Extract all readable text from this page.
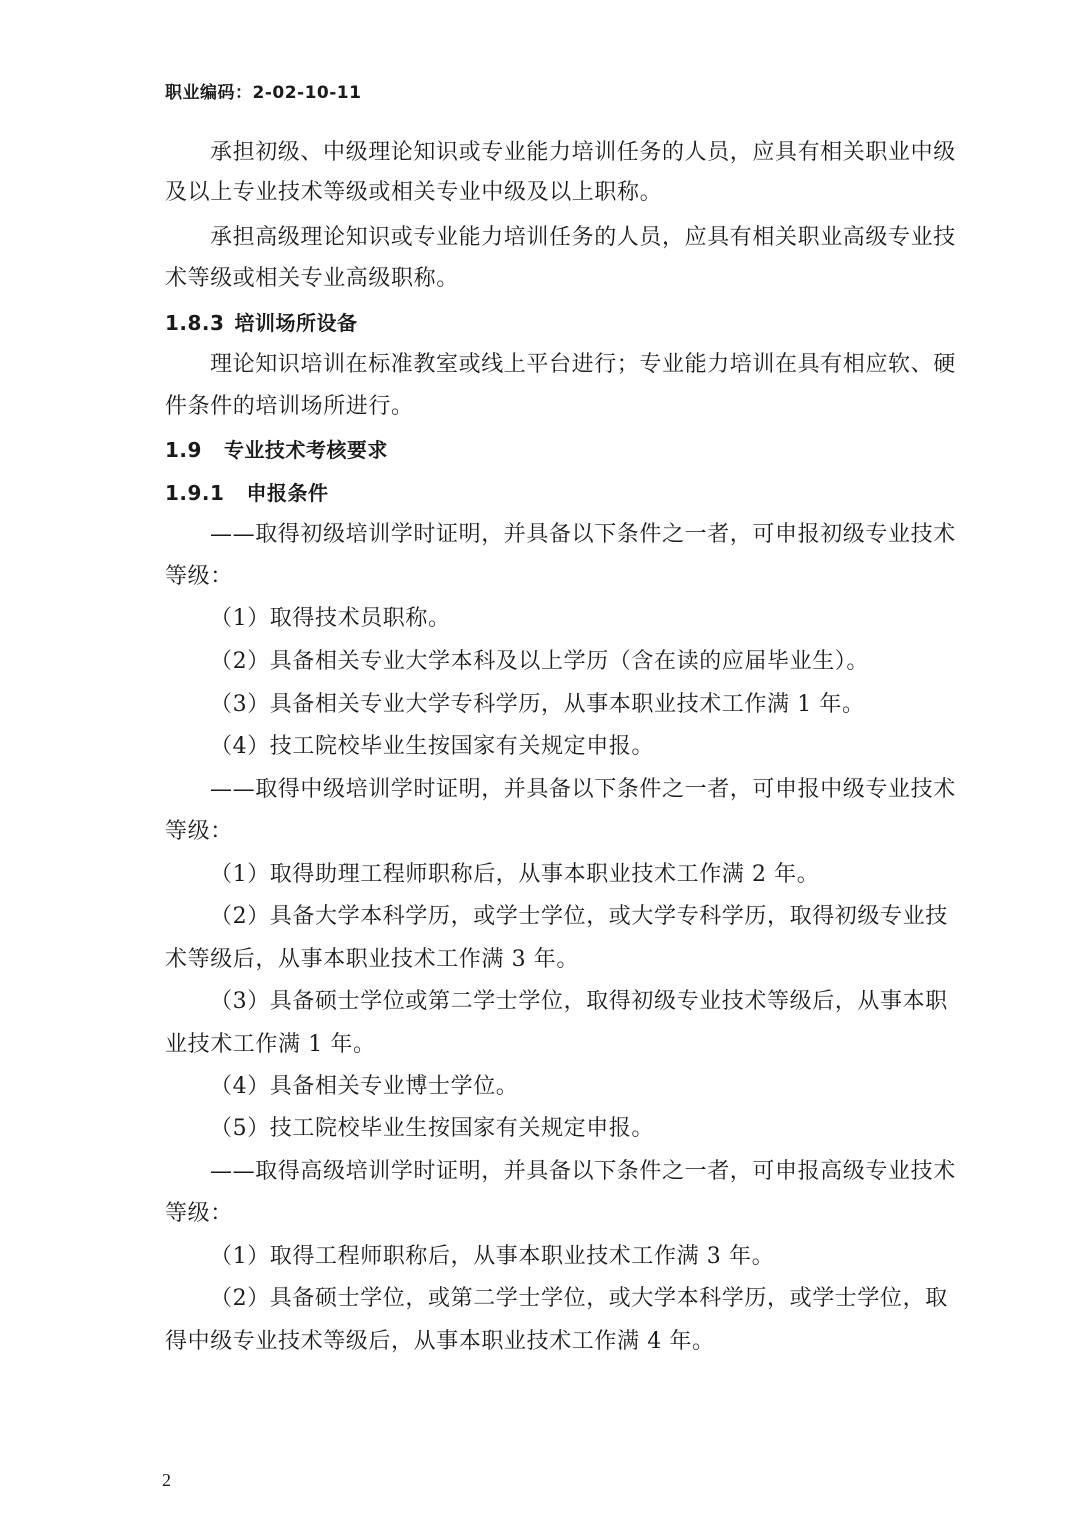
职业编码：2-02-10-11
承担初级、中级理论知识或专业能力培训任务的人员，应具有相关职业中级
及以上专业技术等级或相关专业中级及以上职称。
承担高级理论知识或专业能力培训任务的人员，应具有相关职业高级专业技
术等级或相关专业高级职称。
1.8.3 培训场所设备
理论知识培训在标准教室或线上平台进行；专业能力培训在具有相应软、硬
件条件的培训场所进行。
1.9 专业技术考核要求
1.9.1 申报条件
——取得初级培训学时证明，并具备以下条件之一者，可申报初级专业技术
等级：
（1）取得技术员职称。
（2）具备相关专业大学本科及以上学历（含在读的应届毕业生）。
（3）具备相关专业大学专科学历，从事本职业技术工作满 1 年。
（4）技工院校毕业生按国家有关规定申报。
——取得中级培训学时证明，并具备以下条件之一者，可申报中级专业技术
等级：
（1）取得助理工程师职称后，从事本职业技术工作满 2 年。
（2）具备大学本科学历，或学士学位，或大学专科学历，取得初级专业技
术等级后，从事本职业技术工作满 3 年。
（3）具备硕士学位或第二学士学位，取得初级专业技术等级后，从事本职
业技术工作满 1 年。
（4）具备相关专业博士学位。
（5）技工院校毕业生按国家有关规定申报。
——取得高级培训学时证明，并具备以下条件之一者，可申报高级专业技术
等级：
（1）取得工程师职称后，从事本职业技术工作满 3 年。
（2）具备硕士学位，或第二学士学位，或大学本科学历，或学士学位，取
得中级专业技术等级后，从事本职业技术工作满 4 年。
2
